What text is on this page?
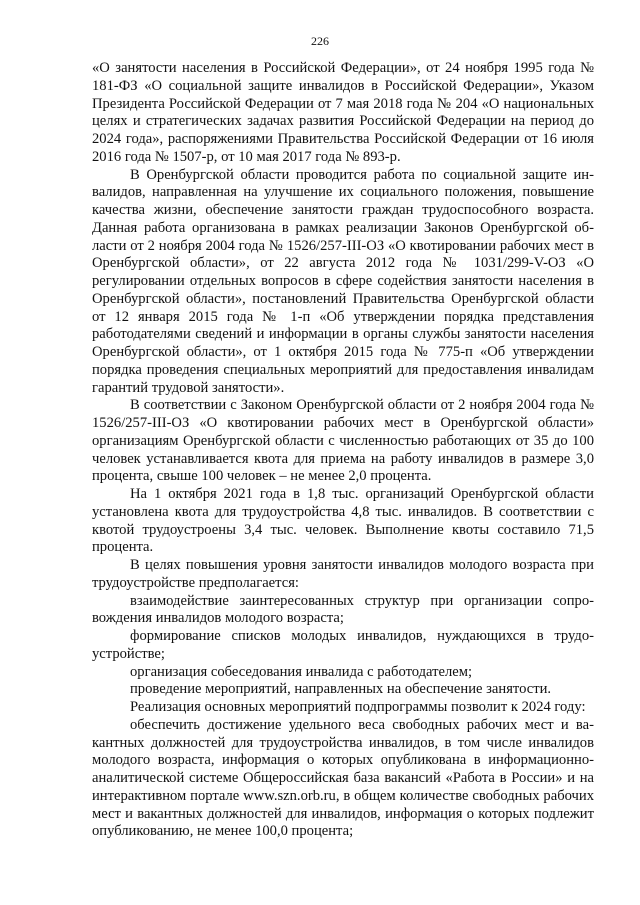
226

«О занятости населения в Российской Федерации», от 24 ноября 1995 года № 181-ФЗ «О социальной защите инвалидов в Российской Федерации», Указом Президента Российской Федерации от 7 мая 2018 года № 204 «О национальных целях и стратегических задачах развития Российской Федерации на период до 2024 года», распоряжениями Правительства Российской Федерации от 16 июля 2016 года № 1507-р, от 10 мая 2017 года № 893-р.

В Оренбургской области проводится работа по социальной защите инвалидов, направленная на улучшение их социального положения, повышение качества жизни, обеспечение занятости граждан трудоспособного возраста. Данная работа организована в рамках реализации Законов Оренбургской области от 2 ноября 2004 года № 1526/257-III-ОЗ «О квотировании рабочих мест в Оренбургской области», от 22 августа 2012 года № 1031/299-V-ОЗ «О регулировании отдельных вопросов в сфере содействия занятости населения в Оренбургской области», постановлений Правительства Оренбургской области от 12 января 2015 года № 1-п «Об утверждении порядка представления работодателями сведений и информации в органы службы занятости населения Оренбургской области», от 1 октября 2015 года № 775-п «Об утверждении порядка проведения специальных мероприятий для предоставления инвалидам гарантий трудовой занятости».

В соответствии с Законом Оренбургской области от 2 ноября 2004 года № 1526/257-III-ОЗ «О квотировании рабочих мест в Оренбургской области» организациям Оренбургской области с численностью работающих от 35 до 100 человек устанавливается квота для приема на работу инвалидов в размере 3,0 процента, свыше 100 человек – не менее 2,0 процента.

На 1 октября 2021 года в 1,8 тыс. организаций Оренбургской области установлена квота для трудоустройства 4,8 тыс. инвалидов. В соответствии с квотой трудоустроены 3,4 тыс. человек. Выполнение квоты составило 71,5 процента.

В целях повышения уровня занятости инвалидов молодого возраста при трудоустройстве предполагается:

взаимодействие заинтересованных структур при организации сопровождения инвалидов молодого возраста;

формирование списков молодых инвалидов, нуждающихся в трудоустройстве;

организация собеседования инвалида с работодателем;

проведение мероприятий, направленных на обеспечение занятости.

Реализация основных мероприятий подпрограммы позволит к 2024 году:

обеспечить достижение удельного веса свободных рабочих мест и вакантных должностей для трудоустройства инвалидов, в том числе инвалидов молодого возраста, информация о которых опубликована в информационно-аналитической системе Общероссийская база вакансий «Работа в России» и на интерактивном портале www.szn.orb.ru, в общем количестве свободных рабочих мест и вакантных должностей для инвалидов, информация о которых подлежит опубликованию, не менее 100,0 процента;
